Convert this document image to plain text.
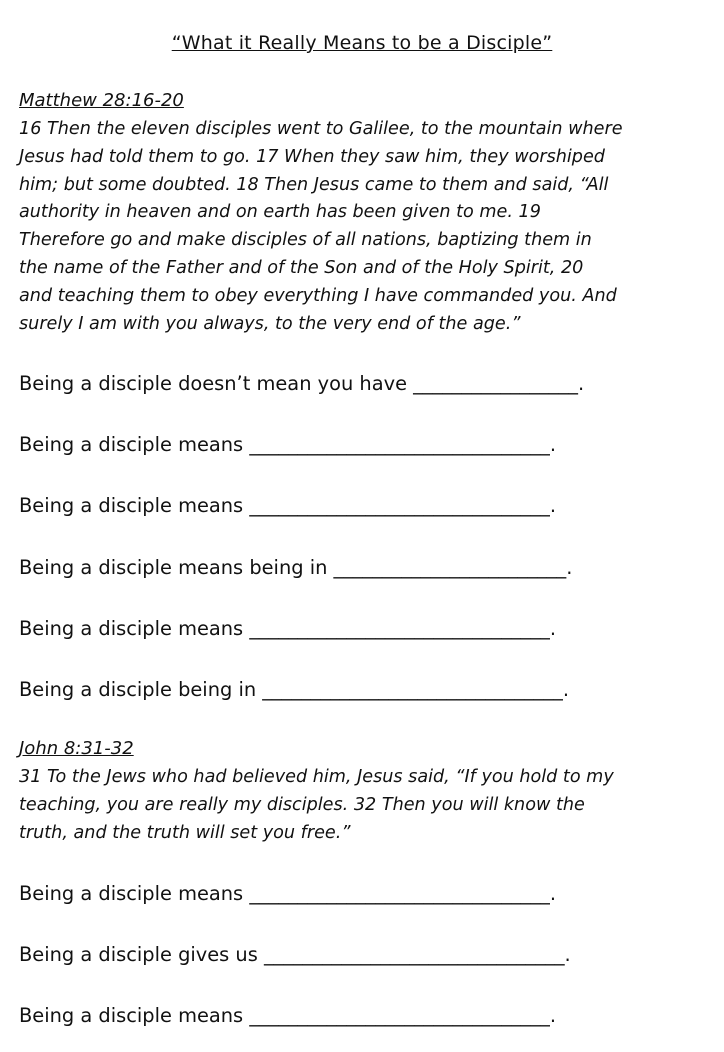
“What it Really Means to be a Disciple”
Matthew 28:16-20
16 Then the eleven disciples went to Galilee, to the mountain where
Jesus had told them to go. 17 When they saw him, they worshiped
him; but some doubted. 18 Then Jesus came to them and said, “All
authority in heaven and on earth has been given to me. 19
Therefore go and make disciples of all nations, baptizing them in
the name of the Father and of the Son and of the Holy Spirit, 20
and teaching them to obey everything I have commanded you. And
surely I am with you always, to the very end of the age.”
Being a disciple doesn’t mean you have _________________.
Being a disciple means _______________________________.
Being a disciple means _______________________________.
Being a disciple means being in ________________________.
Being a disciple means _______________________________.
Being a disciple being in _______________________________.
John 8:31-32
31 To the Jews who had believed him, Jesus said, “If you hold to my
teaching, you are really my disciples. 32 Then you will know the
truth, and the truth will set you free.”
Being a disciple means _______________________________.
Being a disciple gives us _______________________________.
Being a disciple means _______________________________.
